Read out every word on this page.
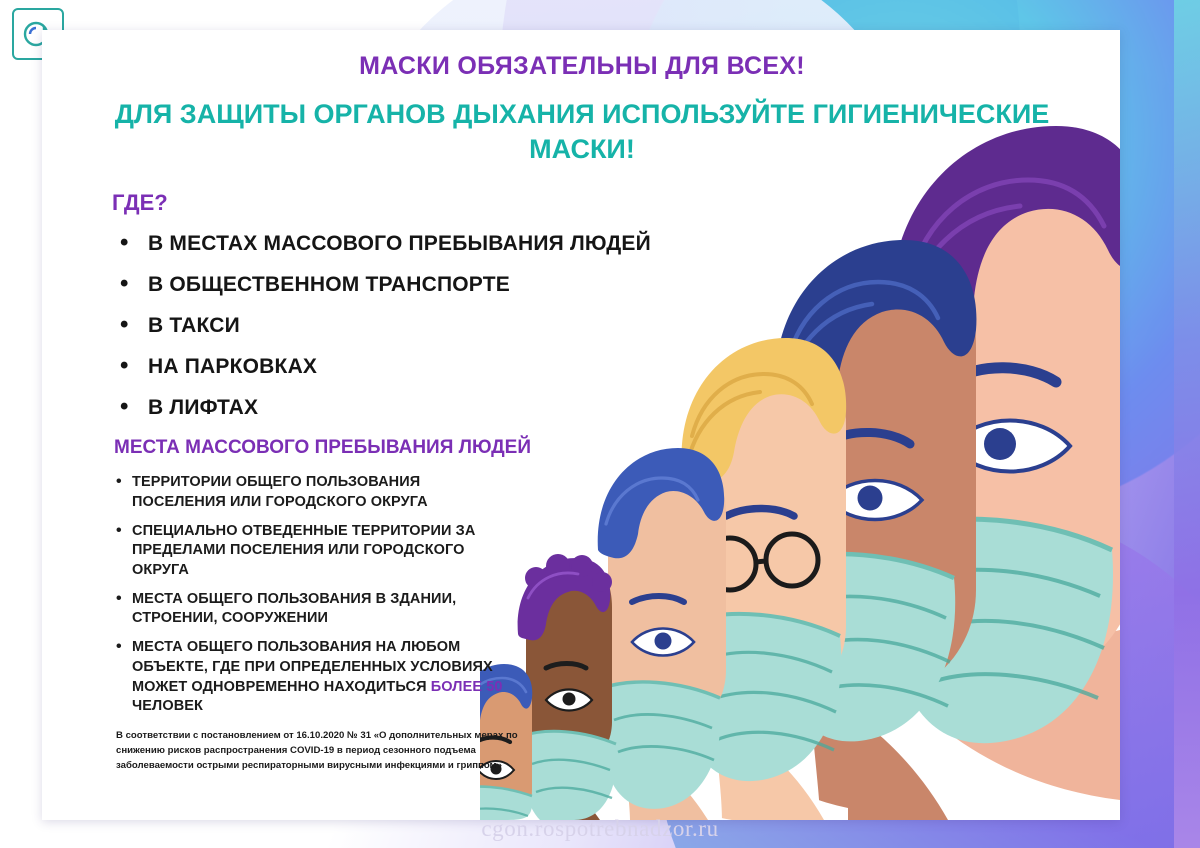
МАСКИ ОБЯЗАТЕЛЬНЫ ДЛЯ ВСЕХ!
ДЛЯ ЗАЩИТЫ ОРГАНОВ ДЫХАНИЯ ИСПОЛЬЗУЙТЕ ГИГИЕНИЧЕСКИЕ МАСКИ!
ГДЕ?
• В МЕСТАХ МАССОВОГО ПРЕБЫВАНИЯ ЛЮДЕЙ
• В ОБЩЕСТВЕННОМ ТРАНСПОРТЕ
• В ТАКСИ
• НА ПАРКОВКАХ
• В ЛИФТАХ
МЕСТА МАССОВОГО ПРЕБЫВАНИЯ ЛЮДЕЙ
• ТЕРРИТОРИИ ОБЩЕГО ПОЛЬЗОВАНИЯ ПОСЕЛЕНИЯ ИЛИ ГОРОДСКОГО ОКРУГА
• СПЕЦИАЛЬНО ОТВЕДЕННЫЕ ТЕРРИТОРИИ ЗА ПРЕДЕЛАМИ ПОСЕЛЕНИЯ ИЛИ ГОРОДСКОГО ОКРУГА
• МЕСТА ОБЩЕГО ПОЛЬЗОВАНИЯ В ЗДАНИИ, СТРОЕНИИ, СООРУЖЕНИИ
• МЕСТА ОБЩЕГО ПОЛЬЗОВАНИЯ НА ЛЮБОМ ОБЪЕКТЕ, ГДЕ ПРИ ОПРЕДЕЛЕННЫХ УСЛОВИЯХ МОЖЕТ ОДНОВРЕМЕННО НАХОДИТЬСЯ БОЛЕЕ 50 ЧЕЛОВЕК
В соответствии с постановлением от 16.10.2020 № 31 «О дополнительных мерах по снижению рисков распространения COVID-19 в период сезонного подъема заболеваемости острыми респираторными вирусными инфекциями и гриппом»
cgon.rospotrebnadzor.ru
